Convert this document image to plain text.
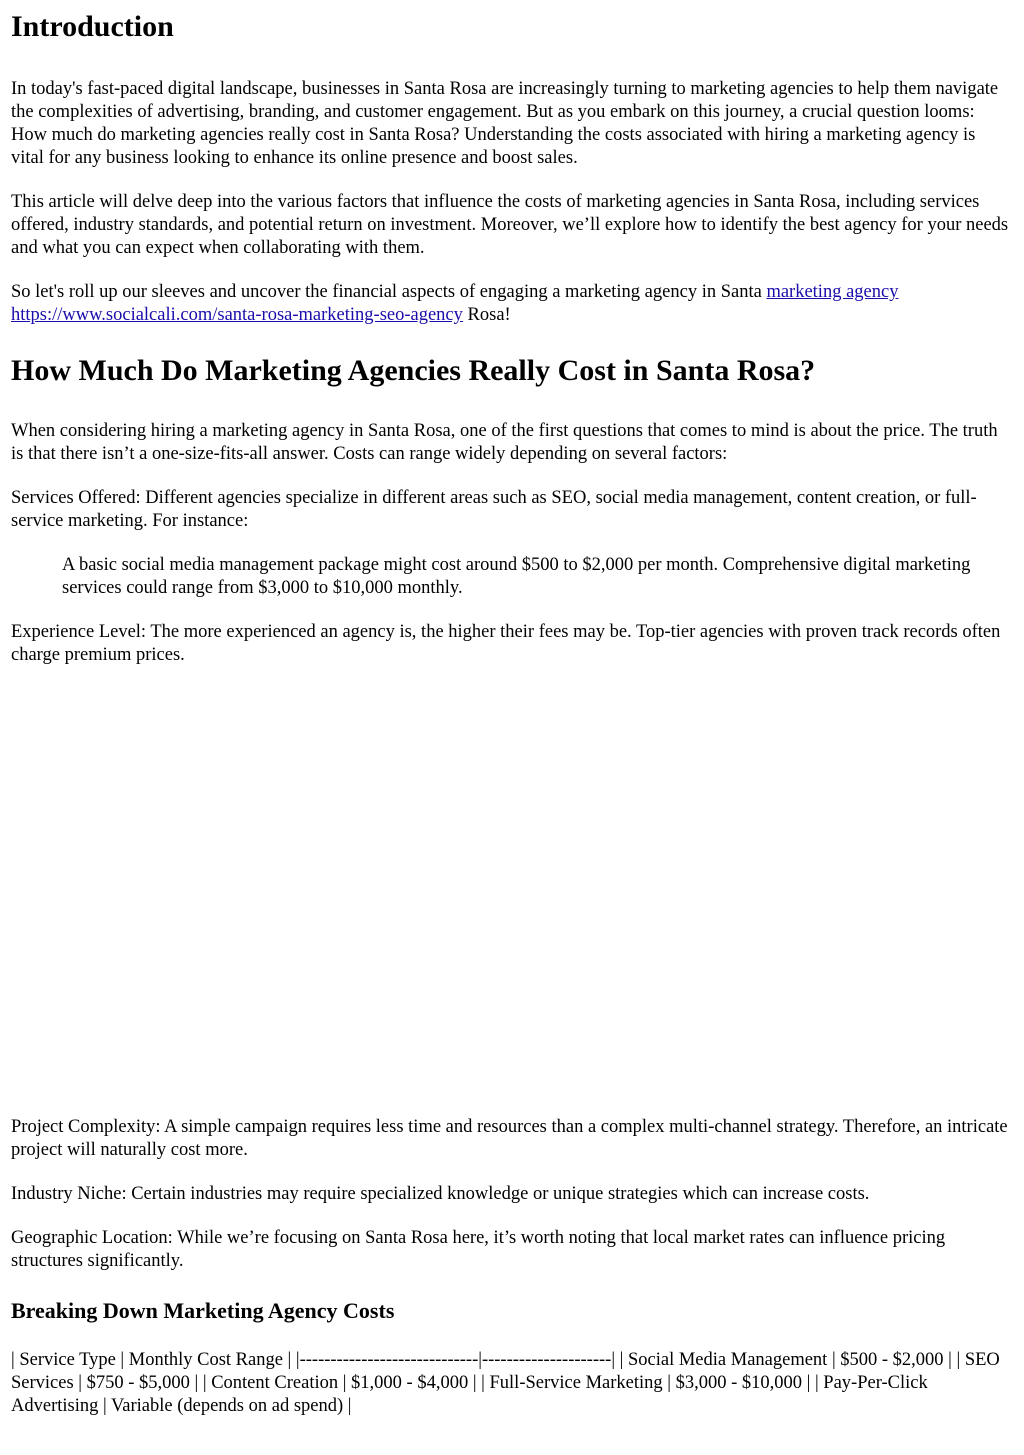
Introduction

In today's fast-paced digital landscape, businesses in Santa Rosa are increasingly turning to marketing agencies to help them navigate the complexities of advertising, branding, and customer engagement. But as you embark on this journey, a crucial question looms: How much do marketing agencies really cost in Santa Rosa? Understanding the costs associated with hiring a marketing agency is vital for any business looking to enhance its online presence and boost sales.

This article will delve deep into the various factors that influence the costs of marketing agencies in Santa Rosa, including services offered, industry standards, and potential return on investment. Moreover, we’ll explore how to identify the best agency for your needs and what you can expect when collaborating with them.

So let's roll up our sleeves and uncover the financial aspects of engaging a marketing agency in Santa marketing agency https://www.socialcali.com/santa-rosa-marketing-seo-agency Rosa!

How Much Do Marketing Agencies Really Cost in Santa Rosa?

When considering hiring a marketing agency in Santa Rosa, one of the first questions that comes to mind is about the price. The truth is that there isn’t a one-size-fits-all answer. Costs can range widely depending on several factors:

Services Offered: Different agencies specialize in different areas such as SEO, social media management, content creation, or full-service marketing. For instance:

A basic social media management package might cost around $500 to $2,000 per month. Comprehensive digital marketing services could range from $3,000 to $10,000 monthly.

Experience Level: The more experienced an agency is, the higher their fees may be. Top-tier agencies with proven track records often charge premium prices.

Project Complexity: A simple campaign requires less time and resources than a complex multi-channel strategy. Therefore, an intricate project will naturally cost more.

Industry Niche: Certain industries may require specialized knowledge or unique strategies which can increase costs.

Geographic Location: While we’re focusing on Santa Rosa here, it’s worth noting that local market rates can influence pricing structures significantly.

Breaking Down Marketing Agency Costs

| Service Type | Monthly Cost Range | |-----------------------------|---------------------| | Social Media Management | $500 - $2,000 | | SEO Services | $750 - $5,000 | | Content Creation | $1,000 - $4,000 | | Full-Service Marketing | $3,000 - $10,000 | | Pay-Per-Click Advertising | Variable (depends on ad spend) |
